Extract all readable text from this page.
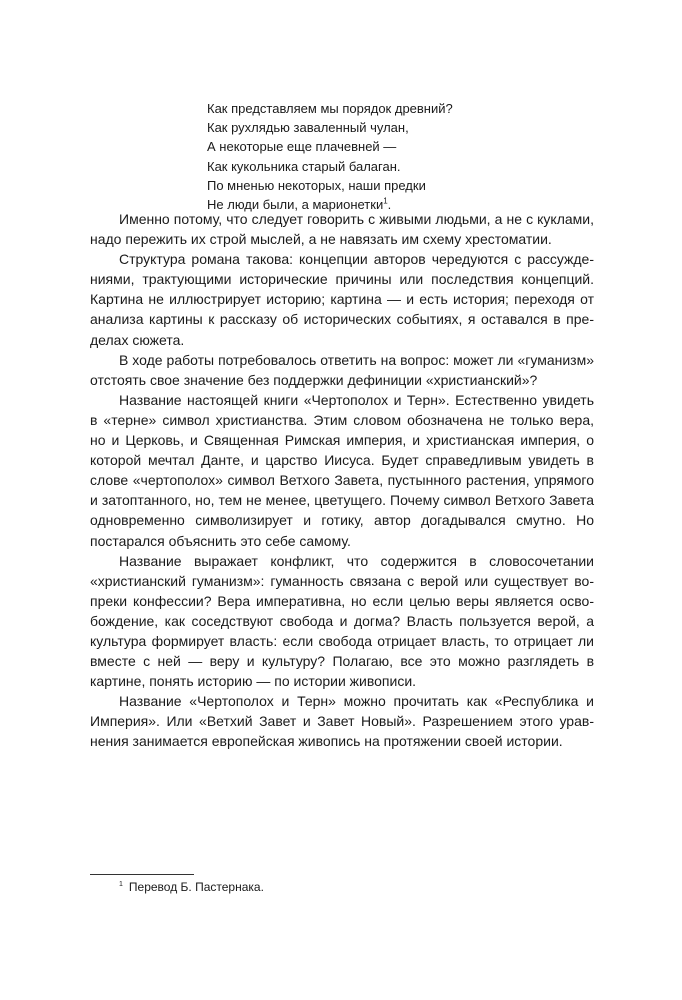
Как представляем мы порядок древний?
Как рухлядью заваленный чулан,
А некоторые еще плачевней —
Как кукольника старый балаган.
По мненью некоторых, наши предки
Не люди были, а марионетки$^1$.

Именно потому, что следует говорить с живыми людьми, а не с куклами, надо пережить их строй мыслей, а не навязать им схему хрестоматии.

Структура романа такова: концепции авторов чередуются с рассуждениями, трактующими исторические причины или последствия концепций. Картина не иллюстрирует историю; картина — и есть история; переходя от анализа картины к рассказу об исторических событиях, я оставался в пределах сюжета.

В ходе работы потребовалось ответить на вопрос: может ли «гуманизм» отстоять свое значение без поддержки дефиниции «христианский»?

Название настоящей книги «Чертополох и Терн». Естественно увидеть в «терне» символ христианства. Этим словом обозначена не только вера, но и Церковь, и Священная Римская империя, и христианская империя, о которой мечтал Данте, и царство Иисуса. Будет справедливым увидеть в слове «чертополох» символ Ветхого Завета, пустынного растения, упрямого и затоптанного, но, тем не менее, цветущего. Почему символ Ветхого Завета одновременно символизирует и готику, автор догадывался смутно. Но постарался объяснить это себе самому.

Название выражает конфликт, что содержится в словосочетании «христианский гуманизм»: гуманность связана с верой или существует вопреки конфессии? Вера императивна, но если целью веры является освобождение, как соседствуют свобода и догма? Власть пользуется верой, а культура формирует власть: если свобода отрицает власть, то отрицает ли вместе с ней — веру и культуру? Полагаю, все это можно разглядеть в картине, понять историю — по истории живописи.

Название «Чертополох и Терн» можно прочитать как «Республика и Империя». Или «Ветхий Завет и Завет Новый». Разрешением этого уравнения занимается европейская живопись на протяжении своей истории.

$^1$ Перевод Б. Пастернака.
